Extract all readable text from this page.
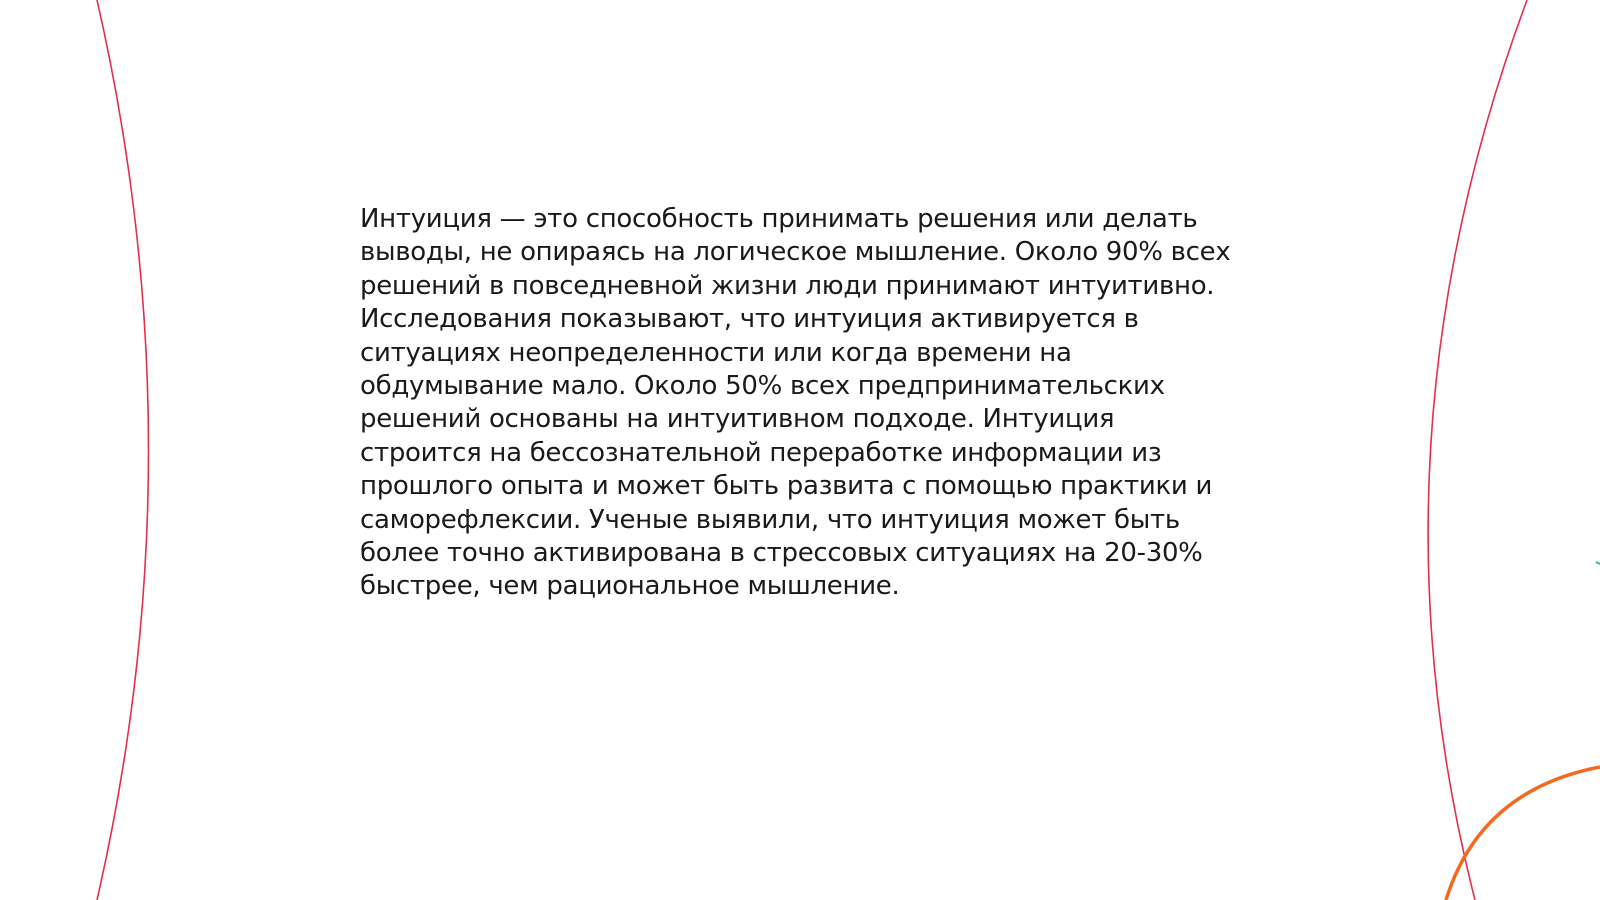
Интуиция — это способность принимать решения или делать выводы, не опираясь на логическое мышление. Около 90% всех решений в повседневной жизни люди принимают интуитивно. Исследования показывают, что интуиция активируется в ситуациях неопределенности или когда времени на обдумывание мало. Около 50% всех предпринимательских решений основаны на интуитивном подходе. Интуиция строится на бессознательной переработке информации из прошлого опыта и может быть развита с помощью практики и саморефлексии. Ученые выявили, что интуиция может быть более точно активирована в стрессовых ситуациях на 20-30% быстрее, чем рациональное мышление.
